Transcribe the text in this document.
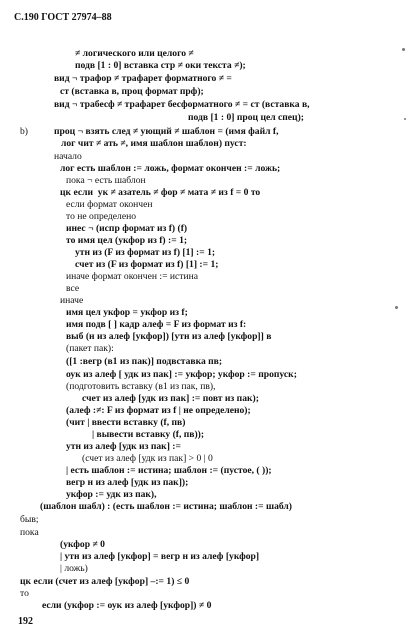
С.190 ГОСТ 27974–88
≠ логического или целого ≠
подв [1 : 0] вставка стр ≠ оки текста ≠);
вид ¬ трафор ≠ трафарет форматного ≠ =
ст (вставка в, проц формат прф);
вид ¬ трабесф ≠ трафарет бесформатного ≠ = ст (вставка в,
подв [1 : 0] проц цел спец);
b)	проц ¬ взять след ≠ ующий ≠ шаблон = (имя файл f,
лог чит ≠ ать ≠, имя шаблон шаблон) пуст:
начало
лог есть шаблон := ложь, формат окончен := ложь;
пока ¬ есть шаблон
цк если  ук ≠ азатель ≠ фор ≠ мата ≠ из f = 0 то
если формат окончен
то не определено
инес ¬ (испр формат из f) (f)
то имя цел (укфор из f) := 1;
утн из (F из формат из f) [1] := 1;
счет из (F из формат из f) [1] := 1;
иначе формат окончен := истина
все
иначе
имя цел укфор = укфор из f;
имя подв [ ] кадр алеф = F из формат из f:
выб (н из алеф [укфор]) [утн из алеф [укфор]] в
(пакет пак):
([1 :вегр (в1 из пак)] подвставка пв;
оук из алеф [ удк из пак] := укфор; укфор := пропуск;
(подготовить вставку (в1 из пак, пв),
счет из алеф [удк из пак] := повт из пак);
(алеф :≠: F из формат из f | не определено);
(чит | ввести вставку (f, пв)
| вывести вставку (f, пв));
утн из алеф [удк из пак] :=
(счет из алеф [удк из пак] > 0 | 0
| есть шаблон := истина; шаблон := (пустое, ( ));
вегр н из алеф [удк из пак]);
укфор := удк из пак),
(шаблон шабл) : (есть шаблон := истина; шаблон := шабл)
быв;
пока
(укфор ≠ 0
| утн из алеф [укфор] = вегр н из алеф [укфор]
| ложь)
цк если (счет из алеф [укфор] –:= 1) ≤ 0
то
если (укфор := оук из алеф [укфор]) ≠ 0
192
